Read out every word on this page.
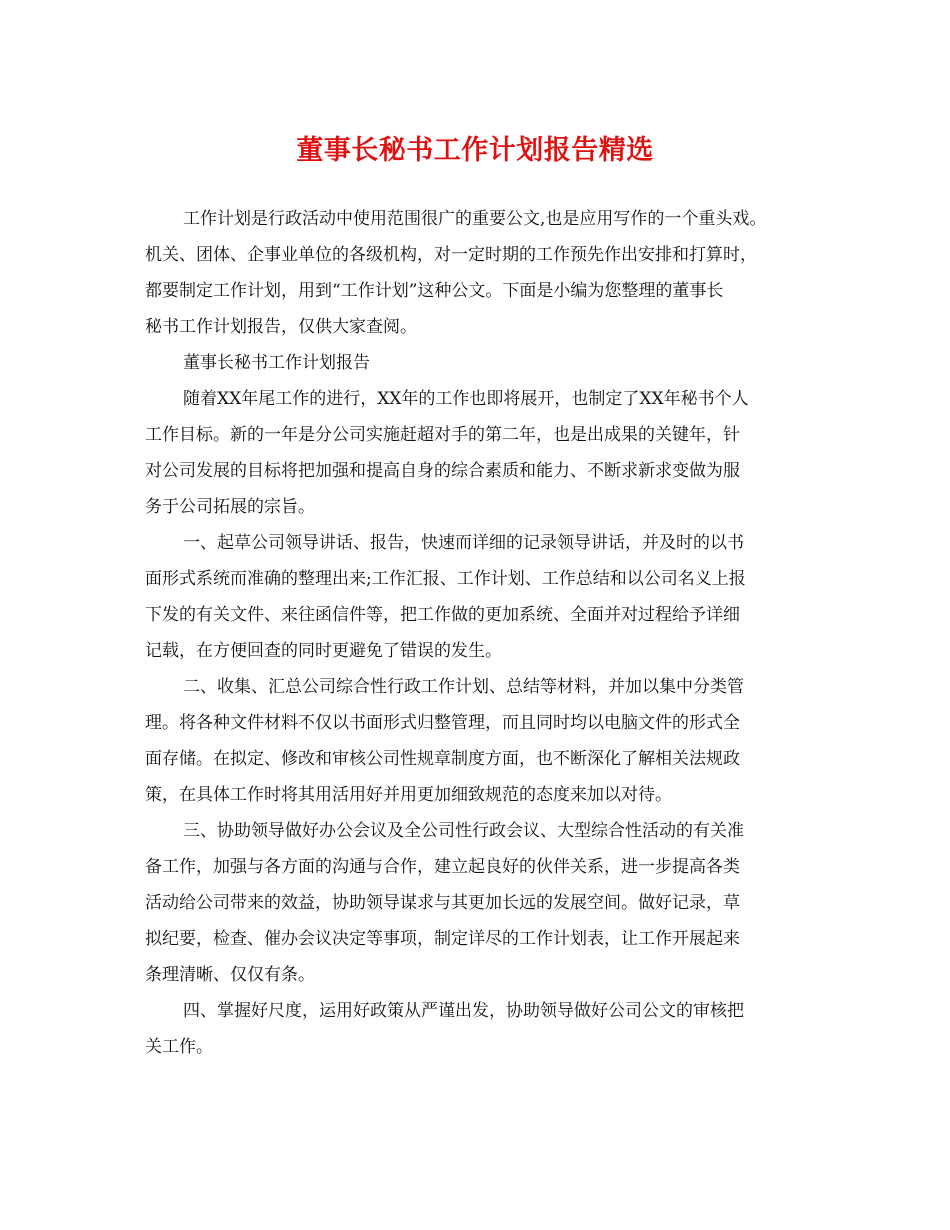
董事长秘书工作计划报告精选
工作计划是行政活动中使用范围很广的重要公文,也是应用写作的一个重头戏。
机关、团体、企事业单位的各级机构，对一定时期的工作预先作出安排和打算时，
都要制定工作计划，用到“工作计划”这种公文。下面是小编为您整理的董事长
秘书工作计划报告，仅供大家查阅。
董事长秘书工作计划报告
随着XX年尾工作的进行，XX年的工作也即将展开，也制定了XX年秘书个人
工作目标。新的一年是分公司实施赶超对手的第二年，也是出成果的关键年，针
对公司发展的目标将把加强和提高自身的综合素质和能力、不断求新求变做为服
务于公司拓展的宗旨。
一、起草公司领导讲话、报告，快速而详细的记录领导讲话，并及时的以书
面形式系统而准确的整理出来;工作汇报、工作计划、工作总结和以公司名义上报
下发的有关文件、来往函信件等，把工作做的更加系统、全面并对过程给予详细
记载，在方便回查的同时更避免了错误的发生。
二、收集、汇总公司综合性行政工作计划、总结等材料，并加以集中分类管
理。将各种文件材料不仅以书面形式归整管理，而且同时均以电脑文件的形式全
面存储。在拟定、修改和审核公司性规章制度方面，也不断深化了解相关法规政
策，在具体工作时将其用活用好并用更加细致规范的态度来加以对待。
三、协助领导做好办公会议及全公司性行政会议、大型综合性活动的有关准
备工作，加强与各方面的沟通与合作，建立起良好的伙伴关系，进一步提高各类
活动给公司带来的效益，协助领导谋求与其更加长远的发展空间。做好记录，草
拟纪要，检查、催办会议决定等事项，制定详尽的工作计划表，让工作开展起来
条理清晰、仅仅有条。
四、掌握好尺度，运用好政策从严谨出发，协助领导做好公司公文的审核把
关工作。
